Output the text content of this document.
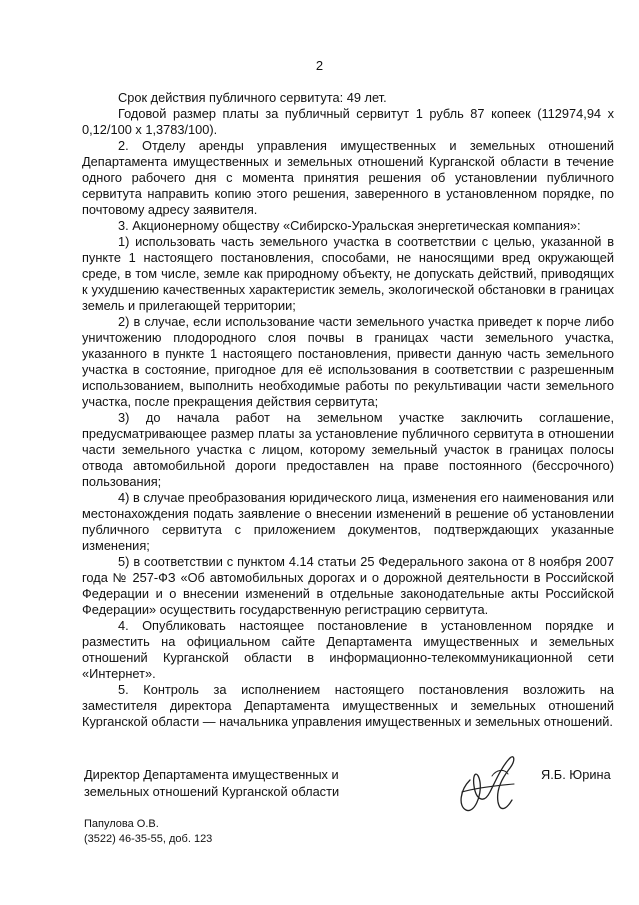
2

Срок действия публичного сервитута: 49 лет.

Годовой размер платы за публичный сервитут 1 рубль 87 копеек (112974,94 х 0,12/100 х 1,3783/100).

2. Отделу аренды управления имущественных и земельных отношений Департамента имущественных и земельных отношений Курганской области в течение одного рабочего дня с момента принятия решения об установлении публичного сервитута направить копию этого решения, заверенного в установленном порядке, по почтовому адресу заявителя.

3. Акционерному обществу «Сибирско-Уральская энергетическая компания»:

1) использовать часть земельного участка в соответствии с целью, указанной в пункте 1 настоящего постановления, способами, не наносящими вред окружающей среде, в том числе, земле как природному объекту, не допускать действий, приводящих к ухудшению качественных характеристик земель, экологической обстановки в границах земель и прилегающей территории;

2) в случае, если использование части земельного участка приведет к порче либо уничтожению плодородного слоя почвы в границах части земельного участка, указанного в пункте 1 настоящего постановления, привести данную часть земельного участка в состояние, пригодное для её использования в соответствии с разрешенным использованием, выполнить необходимые работы по рекультивации части земельного участка, после прекращения действия сервитута;

3) до начала работ на земельном участке заключить соглашение, предусматривающее размер платы за установление публичного сервитута в отношении части земельного участка с лицом, которому земельный участок в границах полосы отвода автомобильной дороги предоставлен на праве постоянного (бессрочного) пользования;

4) в случае преобразования юридического лица, изменения его наименования или местонахождения подать заявление о внесении изменений в решение об установлении публичного сервитута с приложением документов, подтверждающих указанные изменения;

5) в соответствии с пунктом 4.14 статьи 25 Федерального закона от 8 ноября 2007 года № 257-ФЗ «Об автомобильных дорогах и о дорожной деятельности в Российской Федерации и о внесении изменений в отдельные законодательные акты Российской Федерации» осуществить государственную регистрацию сервитута.

4. Опубликовать настоящее постановление в установленном порядке и разместить на официальном сайте Департамента имущественных и земельных отношений Курганской области в информационно-телекоммуникационной сети «Интернет».

5. Контроль за исполнением настоящего постановления возложить на заместителя директора Департамента имущественных и земельных отношений Курганской области — начальника управления имущественных и земельных отношений.

Директор Департамента имущественных и
земельных отношений Курганской области
Я.Б. Юрина
Папулова О.В.
(3522) 46-35-55, доб. 123
